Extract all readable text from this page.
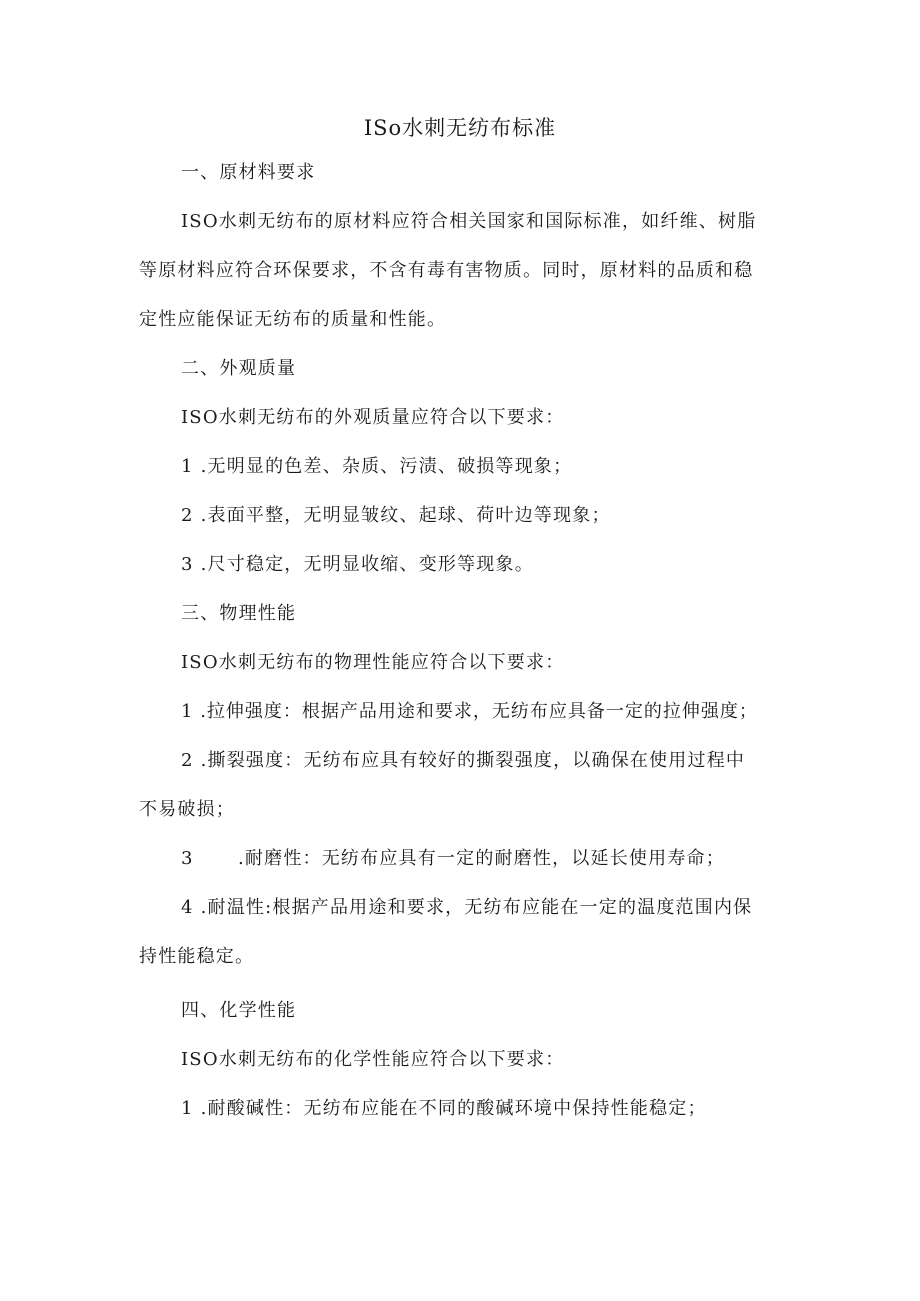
ISo水刺无纺布标准
一、原材料要求
ISO水刺无纺布的原材料应符合相关国家和国际标准，如纤维、树脂
等原材料应符合环保要求，不含有毒有害物质。同时，原材料的品质和稳
定性应能保证无纺布的质量和性能。
二、外观质量
ISO水刺无纺布的外观质量应符合以下要求：
1 .无明显的色差、杂质、污渍、破损等现象；
2 .表面平整，无明显皱纹、起球、荷叶边等现象；
3 .尺寸稳定，无明显收缩、变形等现象。
三、物理性能
ISO水刺无纺布的物理性能应符合以下要求：
1 .拉伸强度：根据产品用途和要求，无纺布应具备一定的拉伸强度；
2 .撕裂强度：无纺布应具有较好的撕裂强度，以确保在使用过程中
不易破损；
3 .耐磨性：无纺布应具有一定的耐磨性，以延长使用寿命；
4 .耐温性:根据产品用途和要求，无纺布应能在一定的温度范围内保
持性能稳定。
四、化学性能
ISO水刺无纺布的化学性能应符合以下要求：
1 .耐酸碱性：无纺布应能在不同的酸碱环境中保持性能稳定；
